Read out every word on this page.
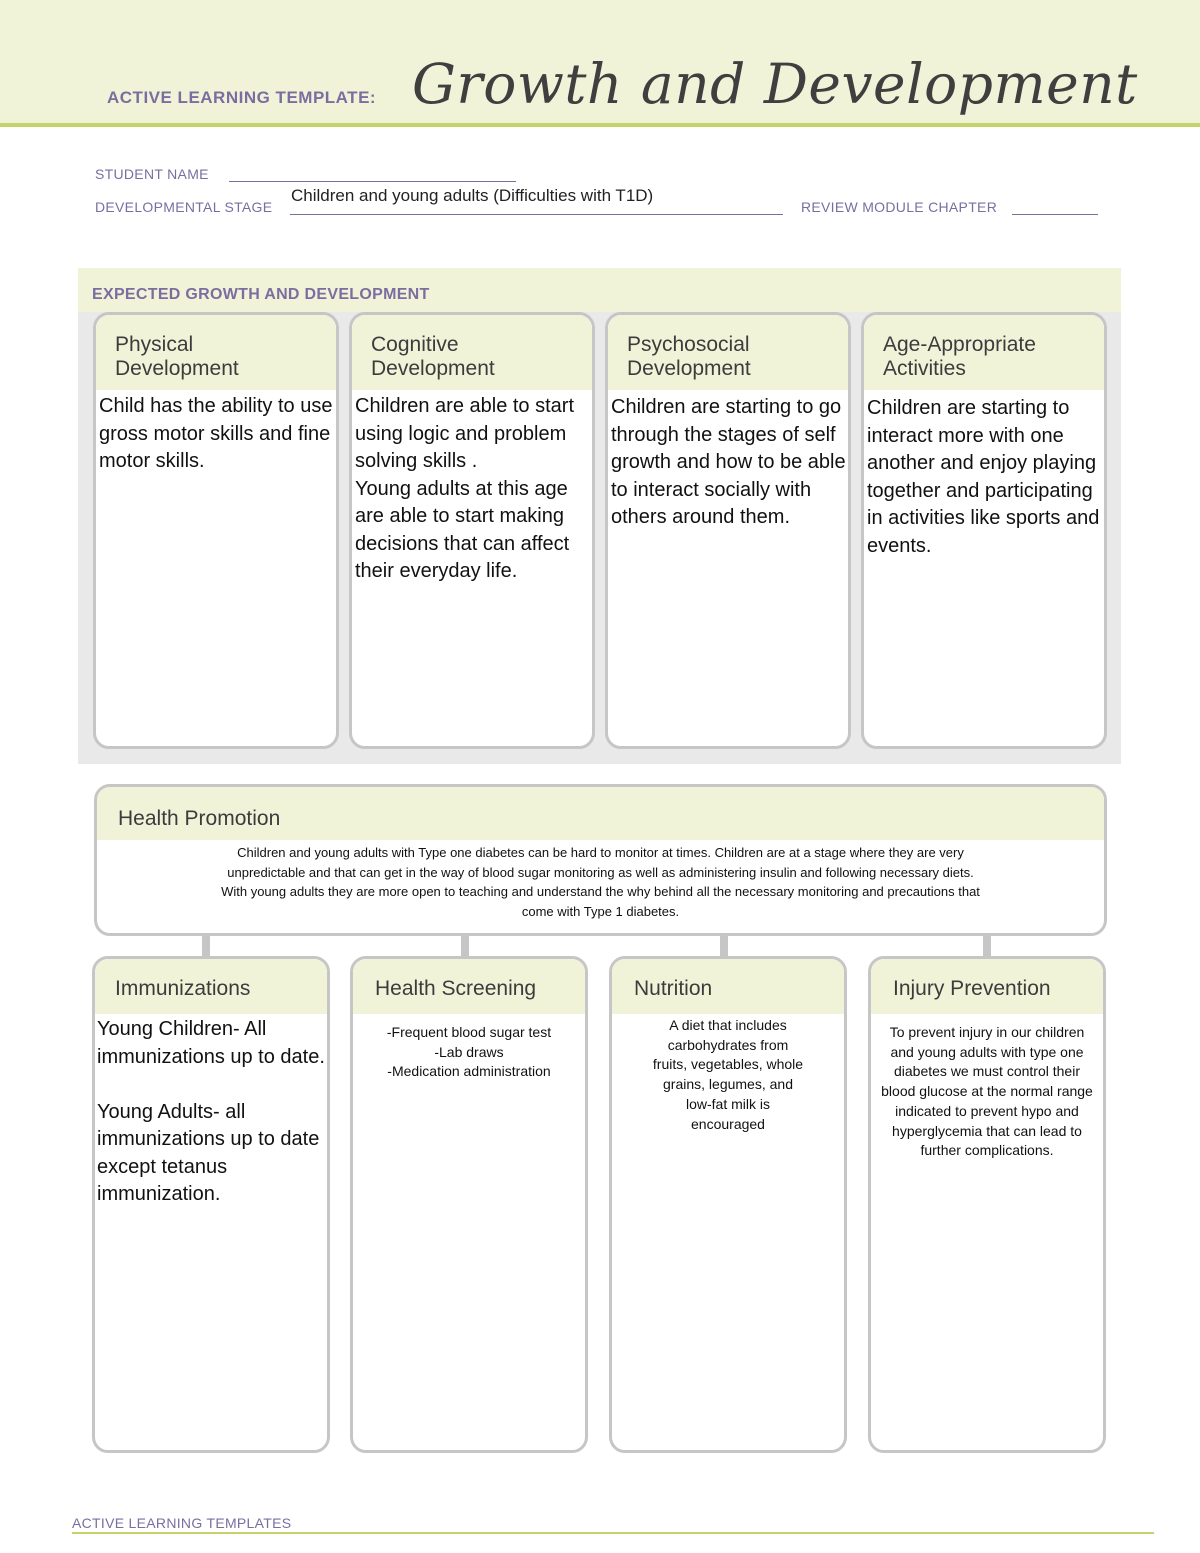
ACTIVE LEARNING TEMPLATE: Growth and Development
STUDENT NAME
DEVELOPMENTAL STAGE
Children and young adults (Difficulties with T1D)
REVIEW MODULE CHAPTER
EXPECTED GROWTH AND DEVELOPMENT
Physical
Development
Child has the ability to use gross motor skills and fine motor skills.
Cognitive
Development
Children are able to start using logic and problem solving skills .
Young adults at this age are able to start making decisions that can affect their everyday life.
Psychosocial
Development
Children are starting to go through the stages of self growth and how to be able to interact socially with others around them.
Age-Appropriate
Activities
Children are starting to interact more with one another and enjoy playing together and participating in activities like sports and events.
Health Promotion
Children and young adults with Type one diabetes can be hard to monitor at times. Children are at a stage where they are very
unpredictable and that can get in the way of blood sugar monitoring as well as administering insulin and following necessary diets.
With young adults they are more open to teaching and understand the why behind all the necessary monitoring and precautions that
come with Type 1 diabetes.
Immunizations
Young Children- All immunizations up to date.

Young Adults- all immunizations up to date except tetanus immunization.
Health Screening
-Frequent blood sugar test
-Lab draws
-Medication administration
Nutrition
A diet that includes
carbohydrates from
fruits, vegetables, whole
grains, legumes, and
low-fat milk is
encouraged
Injury Prevention
To prevent injury in our children
and young adults with type one
diabetes we must control their
blood glucose at the normal range
indicated to prevent hypo and
hyperglycemia that can lead to
further complications.
ACTIVE LEARNING TEMPLATES
